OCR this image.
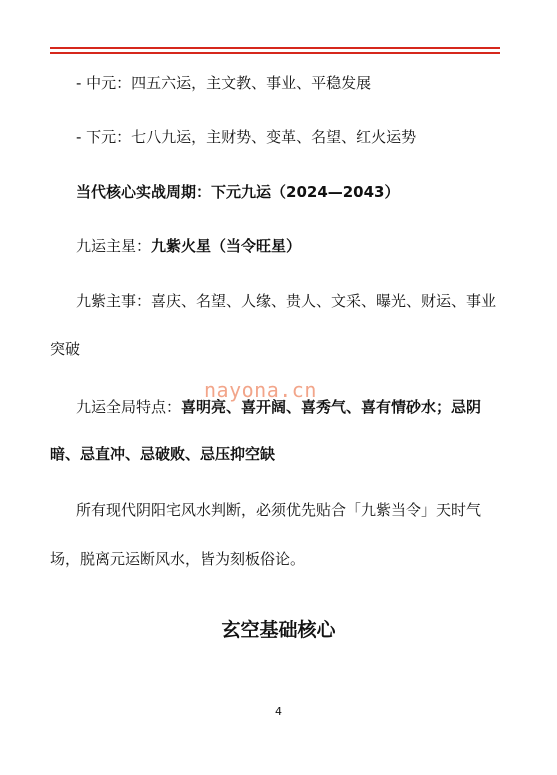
- 中元：四五六运，主文教、事业、平稳发展
- 下元：七八九运，主财势、变革、名望、红火运势
当代核心实战周期：下元九运（2024—2043）
九运主星：九紫火星（当令旺星）
九紫主事：喜庆、名望、人缘、贵人、文采、曝光、财运、事业
突破
nayona.cn
九运全局特点：喜明亮、喜开阔、喜秀气、喜有情砂水；忌阴
暗、忌直冲、忌破败、忌压抑空缺
所有现代阴阳宅风水判断，必须优先贴合「九紫当令」天时气
场，脱离元运断风水，皆为刻板俗论。
玄空基础核心
4
